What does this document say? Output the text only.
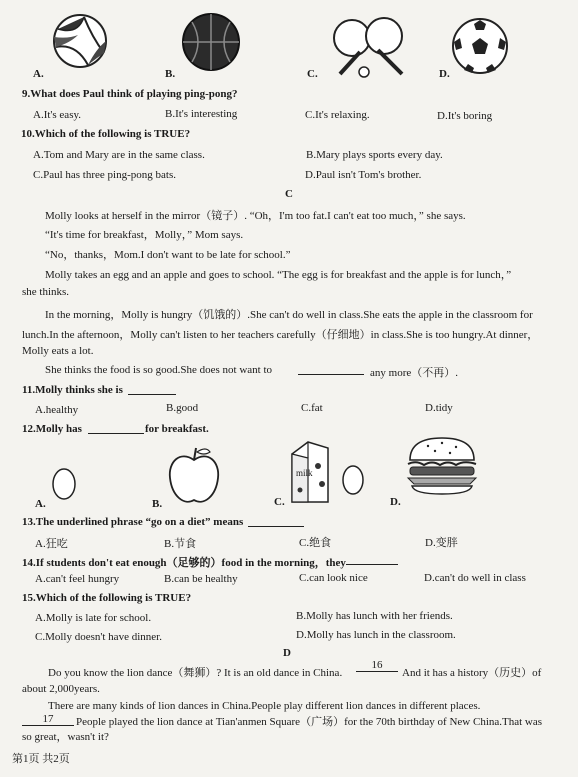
A.	B.	C.	D.
9.What does Paul think of playing ping-pong?
A.It's easy.	B.It's interesting	C.It's relaxing.	D.It's boring
10.Which of the following is TRUE?
A.Tom and Mary are in the same class.	B.Mary plays sports every day.
C.Paul has three ping-pong bats.	D.Paul isn't Tom's brother.
C
Molly looks at herself in the mirror（镜子）. “Oh，I'm too fat.I can't eat too much，” she says.
“It's time for breakfast，Molly，” Mom says.
“No，thanks，Mom.I don't want to be late for school.”
Molly takes an egg and an apple and goes to school. “The egg is for breakfast and the apple is for lunch，”
she thinks.
In the morning，Molly is hungry（饥饿的）.She can't do well in class.She eats the apple in the classroom for
lunch.In the afternoon，Molly can't listen to her teachers carefully（仔细地）in class.She is too hungry.At dinner，
Molly eats a lot.
She thinks the food is so good.She does not want to	any more（不再）.
11.Molly thinks she is
A.healthy	B.good	C.fat	D.tidy
12.Molly has	for breakfast.
milk
A.	B.	C.	D.
13.The underlined phrase “go on a diet” means
A.狂吃	B.节食	C.绝食	D.变胖
14.If students don't eat enough（足够的）food in the morning，they
A.can't feel hungry	B.can be healthy	C.can look nice	D.can't do well in class
15.Which of the following is TRUE?
A.Molly is late for school.	B.Molly has lunch with her friends.
C.Molly doesn't have dinner.	D.Molly has lunch in the classroom.
D
Do you know the lion dance（舞狮）? It is an old dance in China.
16
And it has a history（历史）of
about 2,000years.
There are many kinds of lion dances in China.People play different lion dances in different places.
17	People played the lion dance at Tian'anmen Square（广场）for the 70th birthday of New China.That was
so great，wasn't it?
第1页 共2页
